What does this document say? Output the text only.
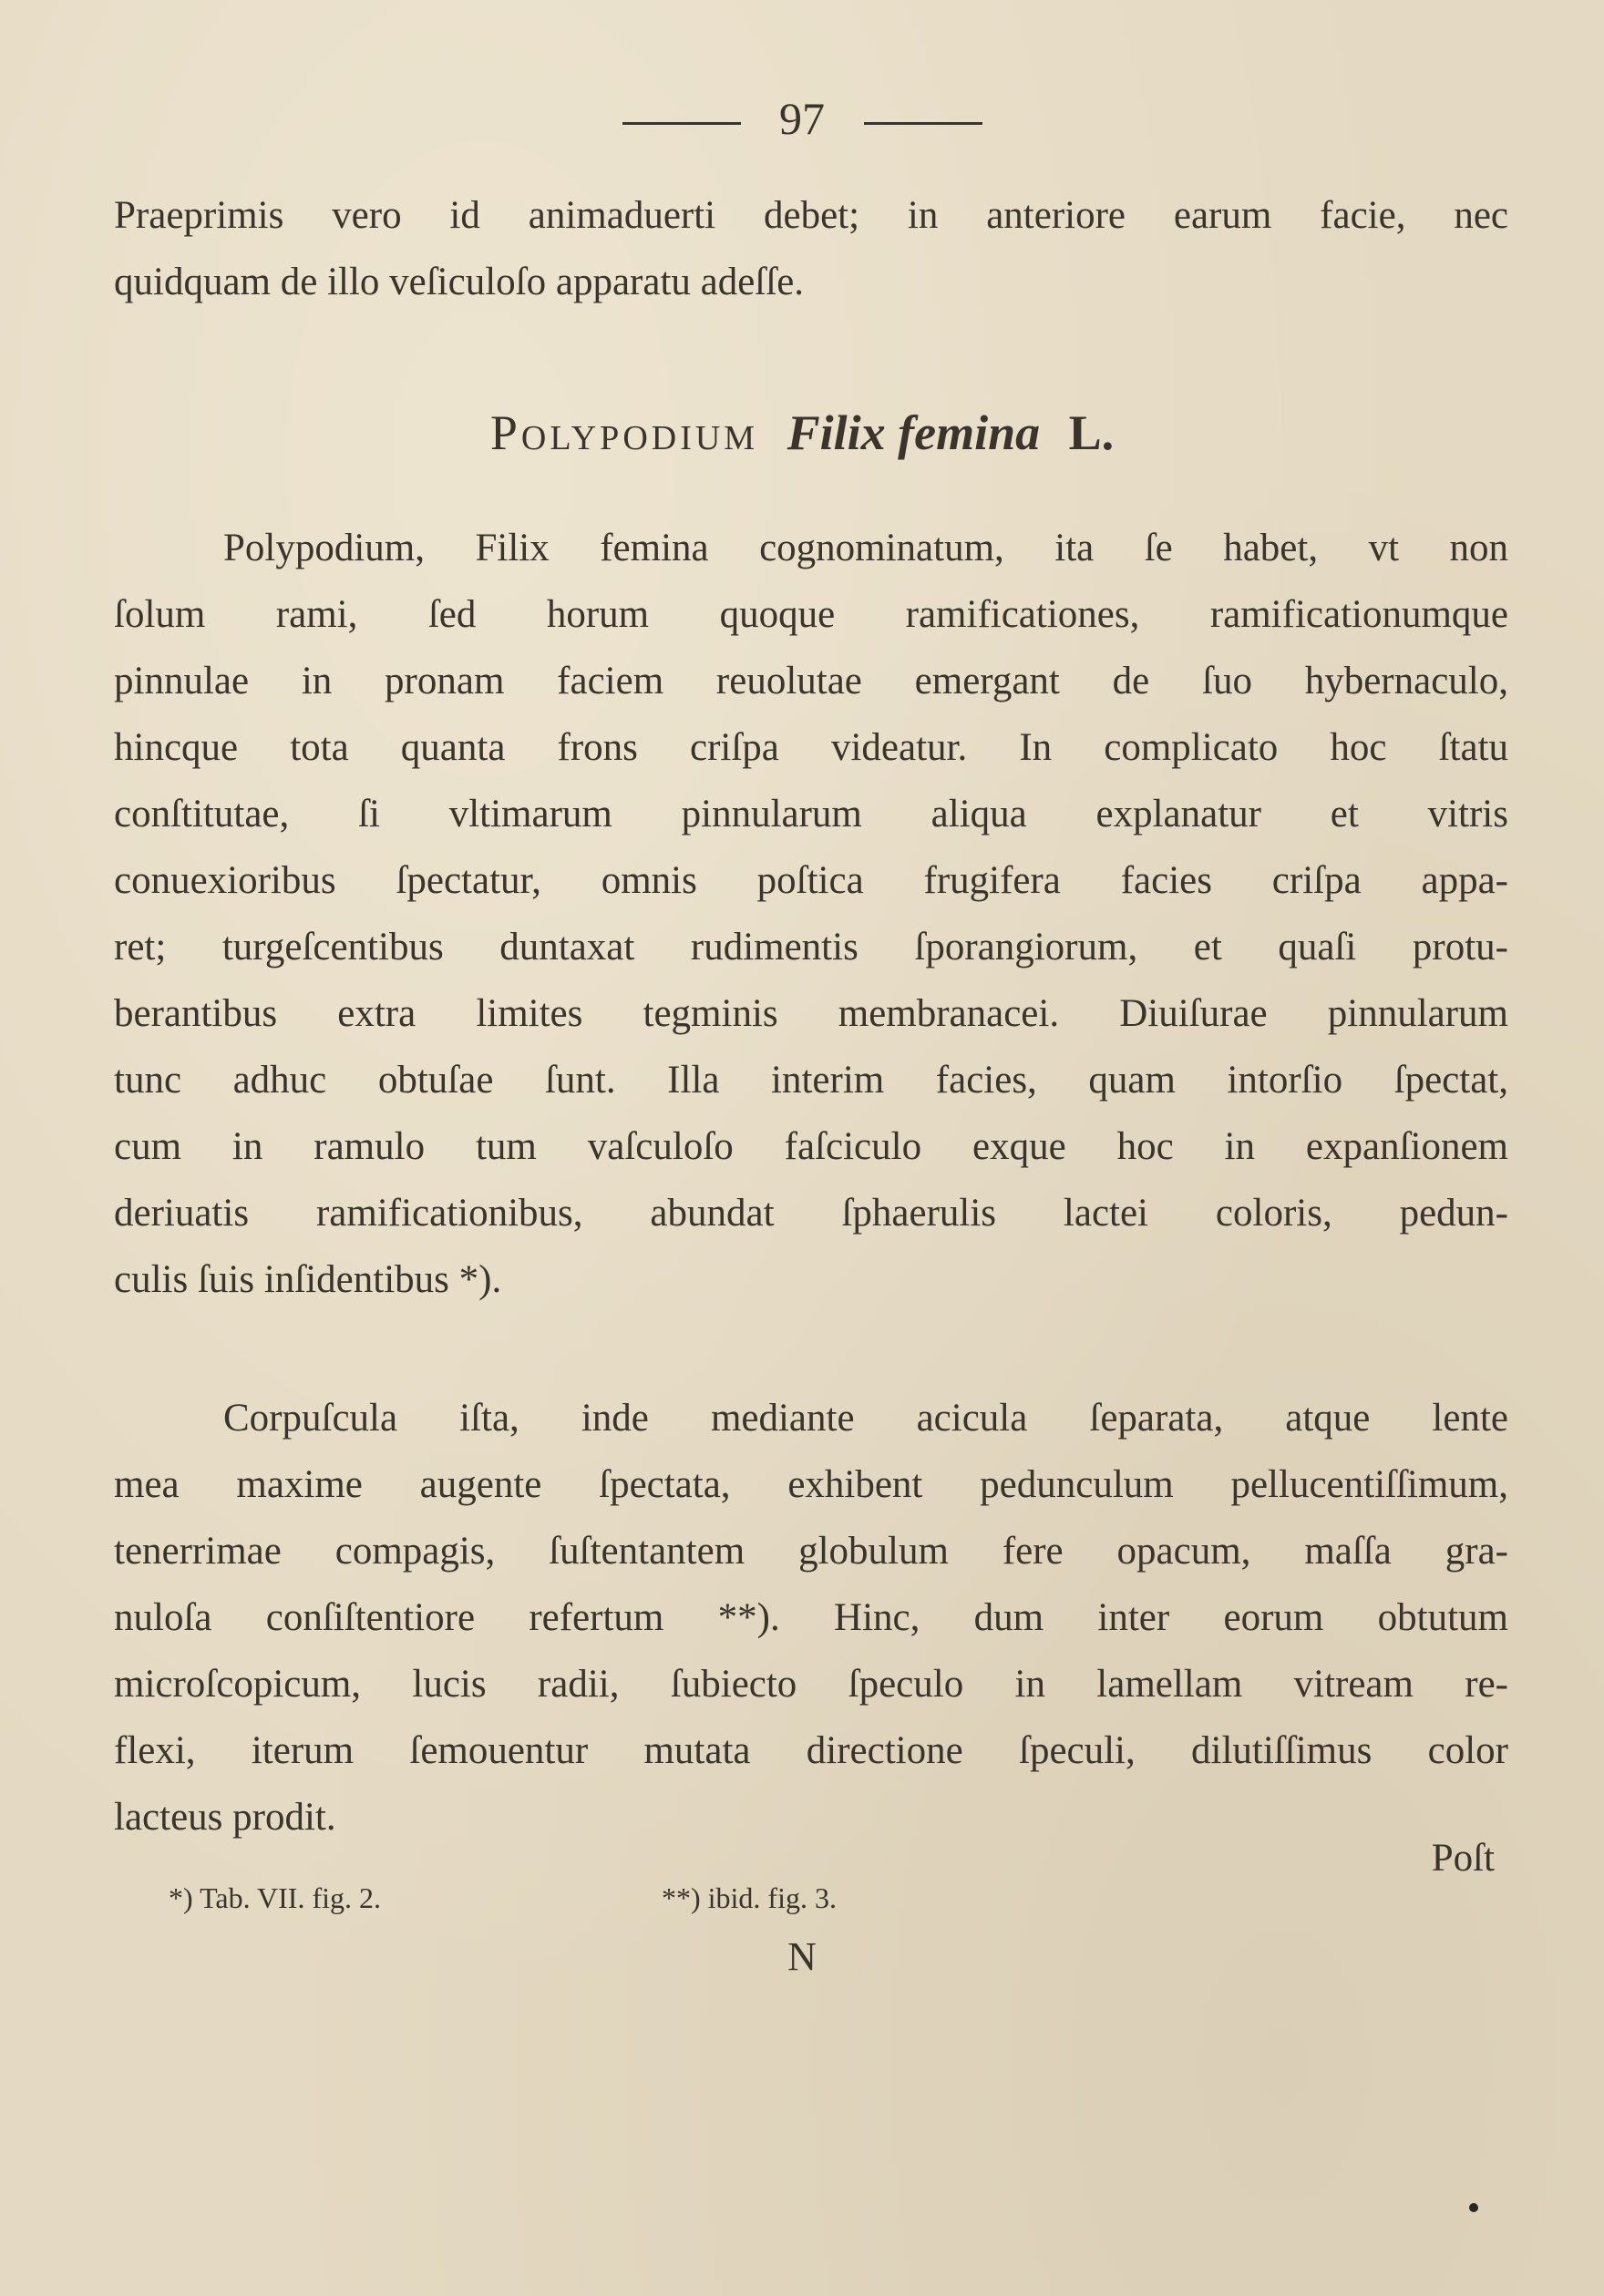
97
Praeprimis vero id animaduerti debet; in anteriore earum facie, nec
quidquam de illo veſiculoſo apparatu adeſſe.
Polypodium Filix femina L.
Polypodium, Filix femina cognominatum, ita ſe habet, vt non
ſolum rami, ſed horum quoque ramificationes, ramificationumque
pinnulae in pronam faciem reuolutae emergant de ſuo hybernaculo,
hincque tota quanta frons criſpa videatur. In complicato hoc ſtatu
conſtitutae, ſi vltimarum pinnularum aliqua explanatur et vitris
conuexioribus ſpectatur, omnis poſtica frugifera facies criſpa appa-
ret; turgeſcentibus duntaxat rudimentis ſporangiorum, et quaſi protu-
berantibus extra limites tegminis membranacei. Diuiſurae pinnularum
tunc adhuc obtuſae ſunt. Illa interim facies, quam intorſio ſpectat,
cum in ramulo tum vaſculoſo faſciculo exque hoc in expanſionem
deriuatis ramificationibus, abundat ſphaerulis lactei coloris, pedun-
culis ſuis inſidentibus *).
Corpuſcula iſta, inde mediante acicula ſeparata, atque lente
mea maxime augente ſpectata, exhibent pedunculum pellucentiſſimum,
tenerrimae compagis, ſuſtentantem globulum fere opacum, maſſa gra-
nuloſa conſiſtentiore refertum **). Hinc, dum inter eorum obtutum
microſcopicum, lucis radii, ſubiecto ſpeculo in lamellam vitream re-
flexi, iterum ſemouentur mutata directione ſpeculi, dilutiſſimus color
lacteus prodit.
Poſt
*) Tab. VII. fig. 2.	**) ibid. fig. 3.
N
